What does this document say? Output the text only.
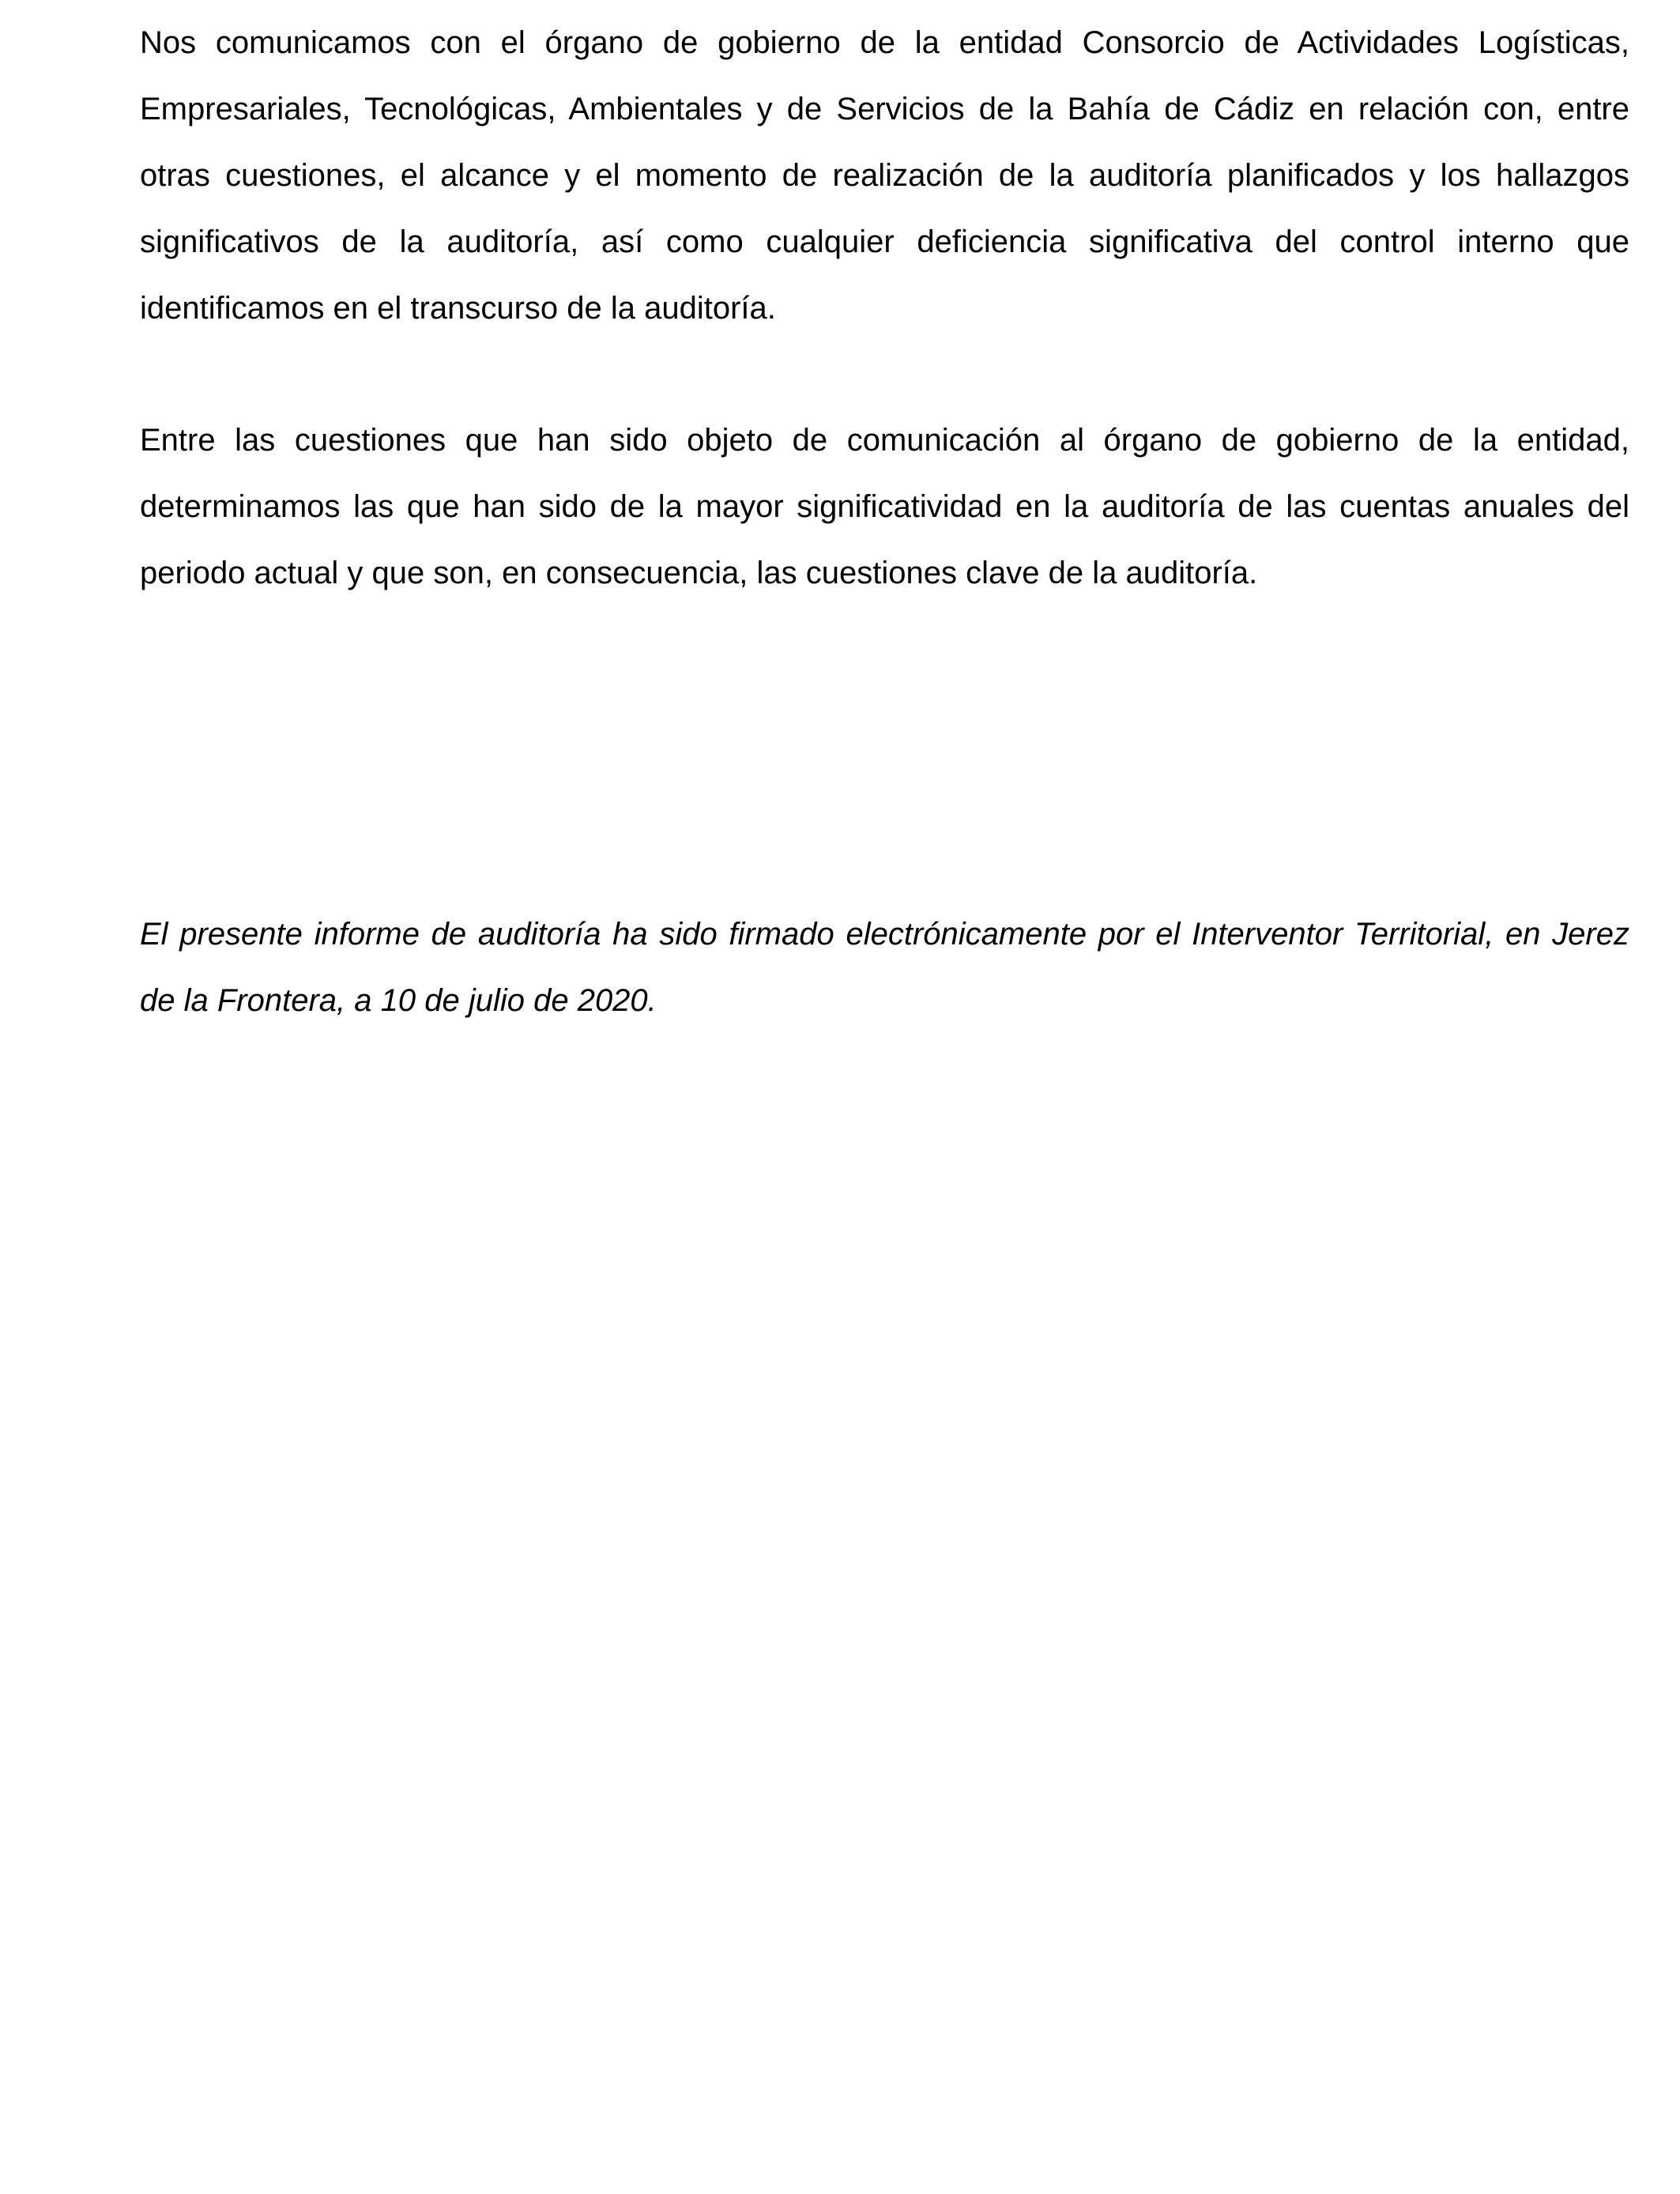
Nos comunicamos con el órgano de gobierno de la entidad Consorcio de Actividades Logísticas, Empresariales, Tecnológicas, Ambientales y de Servicios de la Bahía de Cádiz en relación con, entre otras cuestiones, el alcance y el momento de realización de la auditoría planificados y los hallazgos significativos de la auditoría, así como cualquier deficiencia significativa del control interno que identificamos en el transcurso de la auditoría.

Entre las cuestiones que han sido objeto de comunicación al órgano de gobierno de la entidad, determinamos las que han sido de la mayor significatividad en la auditoría de las cuentas anuales del periodo actual y que son, en consecuencia, las cuestiones clave de la auditoría.

El presente informe de auditoría ha sido firmado electrónicamente por el Interventor Territorial, en Jerez de la Frontera, a 10 de julio de 2020.
